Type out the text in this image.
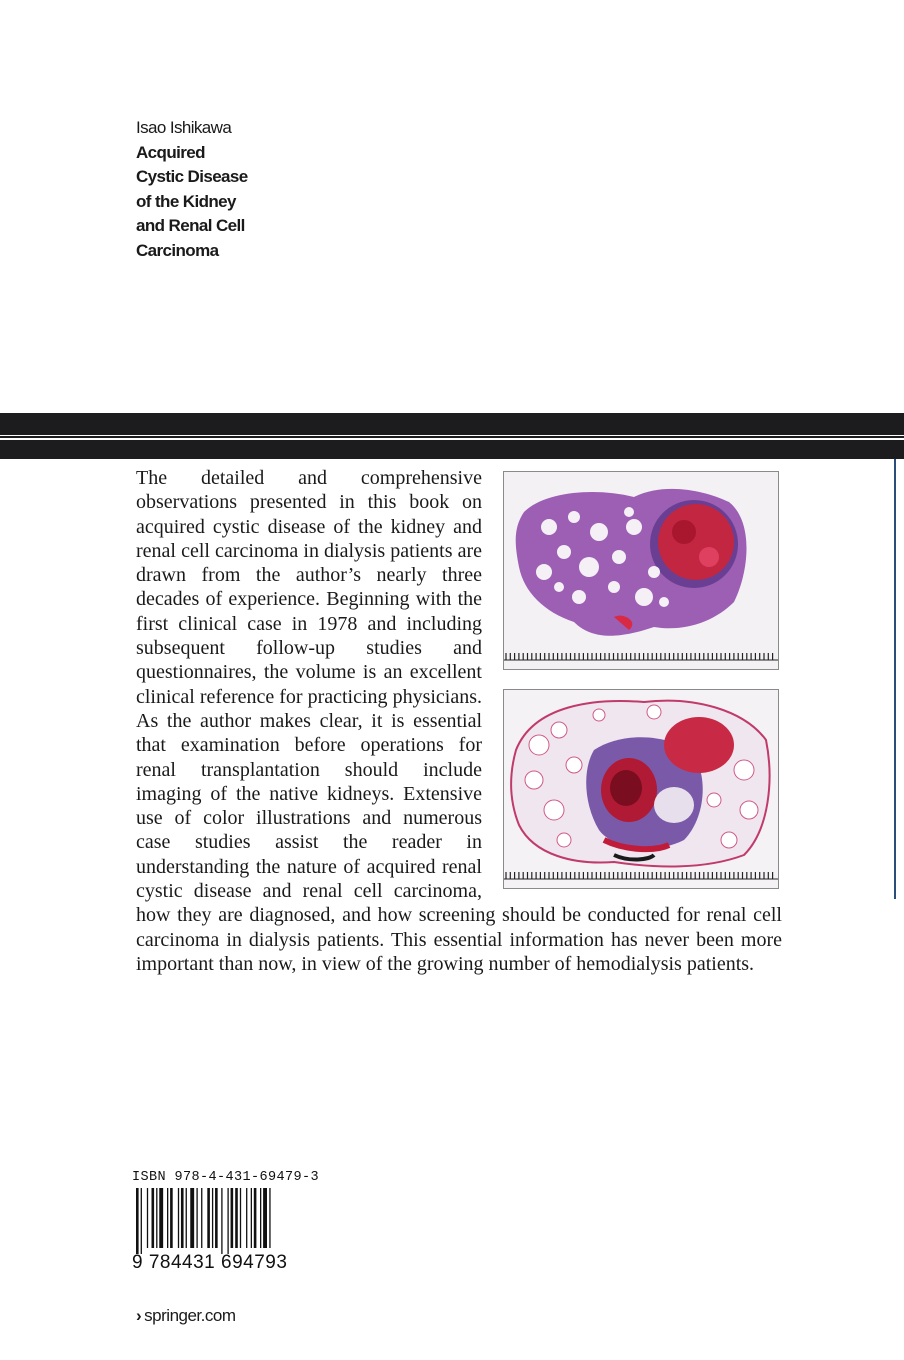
Isao Ishikawa
Acquired
Cystic Disease
of the Kidney
and Renal Cell
Carcinoma
The detailed and comprehensive observations presented in this book on acquired cystic disease of the kidney and renal cell carcinoma in dialysis patients are drawn from the author’s nearly three decades of experience. Beginning with the first clinical case in 1978 and including subsequent follow-up studies and questionnaires, the volume is an excellent clinical reference for practicing physicians. As the author makes clear, it is essential that examination before operations for renal transplantation should include imaging of the native kidneys. Extensive use of color illustrations and numerous case studies assist the reader in understanding the nature of acquired renal cystic disease and renal cell carcinoma, how they are diagnosed, and how screening should be conducted for renal cell carcinoma in dialysis patients. This essential information has never been more important than now, in view of the growing number of hemodialysis patients.
ISBN 978-4-431-69479-3
9 784431 694793
› springer.com
